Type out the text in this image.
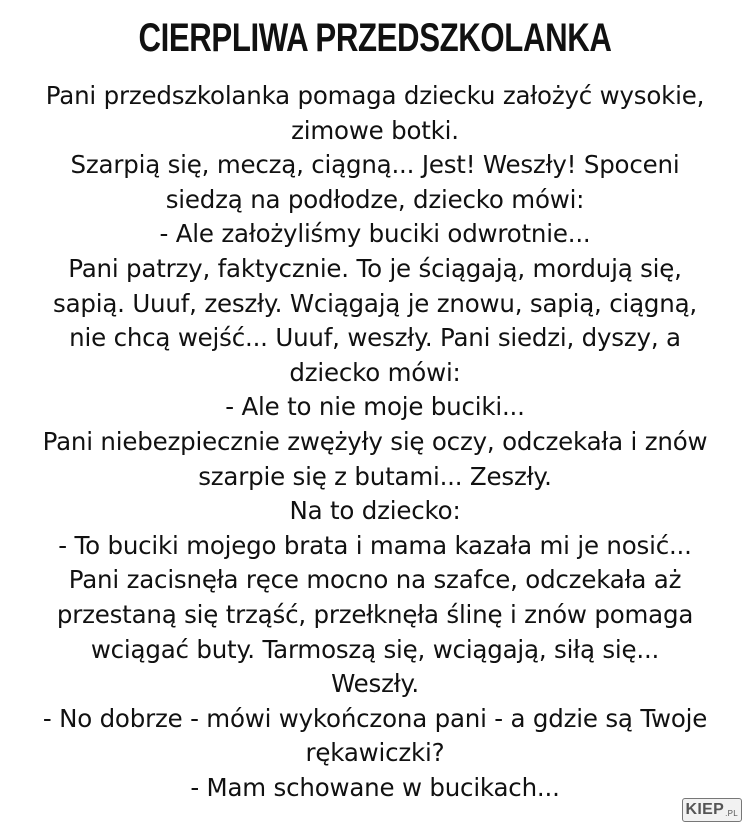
CIERPLIWA PRZEDSZKOLANKA
Pani przedszkolanka pomaga dziecku założyć wysokie,
zimowe botki.
Szarpią się, meczą, ciągną... Jest! Weszły! Spoceni
siedzą na podłodze, dziecko mówi:
- Ale założyliśmy buciki odwrotnie...
Pani patrzy, faktycznie. To je ściągają, mordują się,
sapią. Uuuf, zeszły. Wciągają je znowu, sapią, ciągną,
nie chcą wejść... Uuuf, weszły. Pani siedzi, dyszy, a
dziecko mówi:
- Ale to nie moje buciki...
Pani niebezpiecznie zwężyły się oczy, odczekała i znów
szarpie się z butami... Zeszły.
Na to dziecko:
- To buciki mojego brata i mama kazała mi je nosić...
Pani zacisnęła ręce mocno na szafce, odczekała aż
przestaną się trząść, przełknęła ślinę i znów pomaga
wciągać buty. Tarmoszą się, wciągają, siłą się...
Weszły.
- No dobrze - mówi wykończona pani - a gdzie są Twoje
rękawiczki?
- Mam schowane w bucikach...
KIEP .PL
